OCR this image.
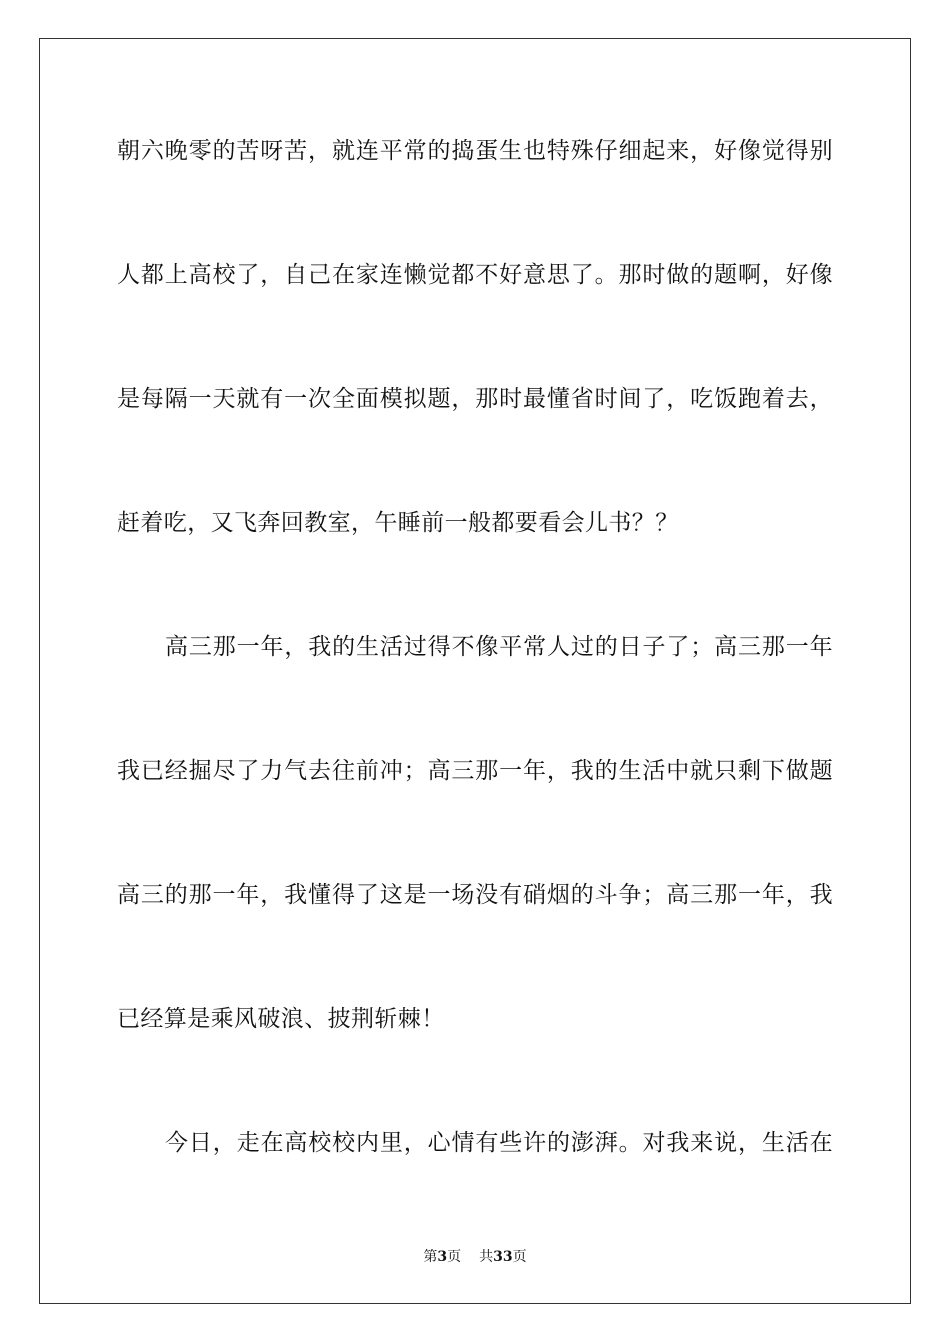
朝六晚零的苦呀苦，就连平常的捣蛋生也特殊仔细起来，好像觉得别
人都上高校了，自己在家连懒觉都不好意思了。那时做的题啊，好像
是每隔一天就有一次全面模拟题，那时最懂省时间了，吃饭跑着去，
赶着吃，又飞奔回教室，午睡前一般都要看会儿书？？
高三那一年，我的生活过得不像平常人过的日子了；高三那一年
我已经掘尽了力气去往前冲；高三那一年，我的生活中就只剩下做题
高三的那一年，我懂得了这是一场没有硝烟的斗争；高三那一年，我
已经算是乘风破浪、披荆斩棘！
今日，走在高校校内里，心情有些许的澎湃。对我来说，生活在
第3页 共33页
